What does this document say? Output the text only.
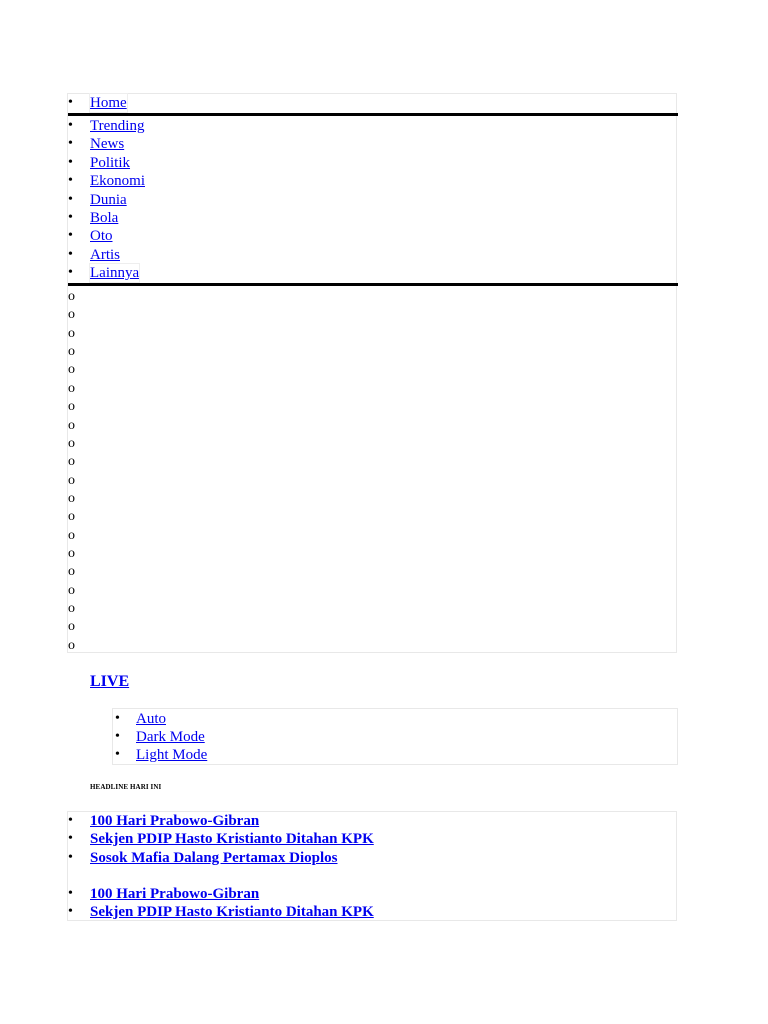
• Home
• Trending
• News
• Politik
• Ekonomi
• Dunia
• Bola
• Oto
• Artis
• Lainnya
o
o
o
o
o
o
o
o
o
o
o
o
o
o
o
o
o
o
o
o
LIVE
• Auto
• Dark Mode
• Light Mode
HEADLINE HARI INI
• 100 Hari Prabowo-Gibran
• Sekjen PDIP Hasto Kristianto Ditahan KPK
• Sosok Mafia Dalang Pertamax Dioplos
• 100 Hari Prabowo-Gibran
• Sekjen PDIP Hasto Kristianto Ditahan KPK
